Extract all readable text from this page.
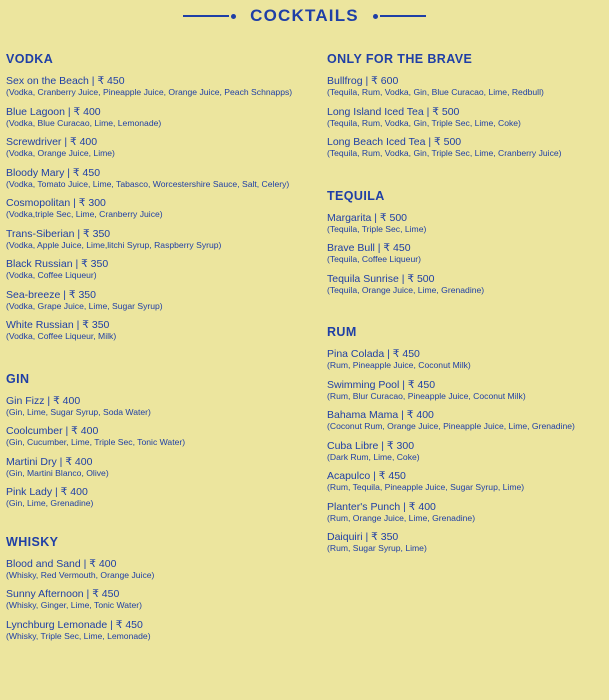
COCKTAILS
VODKA
Sex on the Beach | ₹ 450
(Vodka, Cranberry Juice, Pineapple Juice, Orange Juice, Peach Schnapps)
Blue Lagoon | ₹ 400
(Vodka, Blue Curacao, Lime, Lemonade)
Screwdriver | ₹ 400
(Vodka, Orange Juice, Lime)
Bloody Mary | ₹ 450
(Vodka, Tomato Juice, Lime, Tabasco, Worcestershire Sauce, Salt, Celery)
Cosmopolitan | ₹ 300
(Vodka,triple Sec, Lime, Cranberry Juice)
Trans-Siberian | ₹ 350
(Vodka, Apple Juice, Lime,litchi Syrup, Raspberry Syrup)
Black Russian | ₹ 350
(Vodka, Coffee Liqueur)
Sea-breeze | ₹ 350
(Vodka, Grape Juice, Lime, Sugar Syrup)
White Russian | ₹ 350
(Vodka, Coffee Liqueur, Milk)
GIN
Gin Fizz | ₹ 400
(Gin, Lime, Sugar Syrup, Soda Water)
Coolcumber | ₹ 400
(Gin, Cucumber, Lime, Triple Sec, Tonic Water)
Martini Dry | ₹ 400
(Gin, Martini Blanco, Olive)
Pink Lady | ₹ 400
(Gin, Lime, Grenadine)
WHISKY
Blood and Sand | ₹ 400
(Whisky, Red Vermouth, Orange Juice)
Sunny Afternoon | ₹ 450
(Whisky, Ginger, Lime, Tonic Water)
Lynchburg Lemonade | ₹ 450
(Whisky, Triple Sec, Lime, Lemonade)
ONLY FOR THE BRAVE
Bullfrog | ₹ 600
(Tequila, Rum, Vodka, Gin, Blue Curacao, Lime, Redbull)
Long Island Iced Tea | ₹ 500
(Tequila, Rum, Vodka, Gin, Triple Sec, Lime, Coke)
Long Beach Iced Tea | ₹ 500
(Tequila, Rum, Vodka, Gin, Triple Sec, Lime, Cranberry Juice)
TEQUILA
Margarita | ₹ 500
(Tequila, Triple Sec, Lime)
Brave Bull | ₹ 450
(Tequila, Coffee Liqueur)
Tequila Sunrise | ₹ 500
(Tequila, Orange Juice, Lime, Grenadine)
RUM
Pina Colada | ₹ 450
(Rum, Pineapple Juice, Coconut Milk)
Swimming Pool | ₹ 450
(Rum, Blur Curacao, Pineapple Juice, Coconut Milk)
Bahama Mama | ₹ 400
(Coconut Rum, Orange Juice, Pineapple Juice, Lime, Grenadine)
Cuba Libre | ₹ 300
(Dark Rum, Lime, Coke)
Acapulco | ₹ 450
(Rum, Tequila, Pineapple Juice, Sugar Syrup, Lime)
Planter's Punch | ₹ 400
(Rum, Orange Juice, Lime, Grenadine)
Daiquiri | ₹ 350
(Rum, Sugar Syrup, Lime)
